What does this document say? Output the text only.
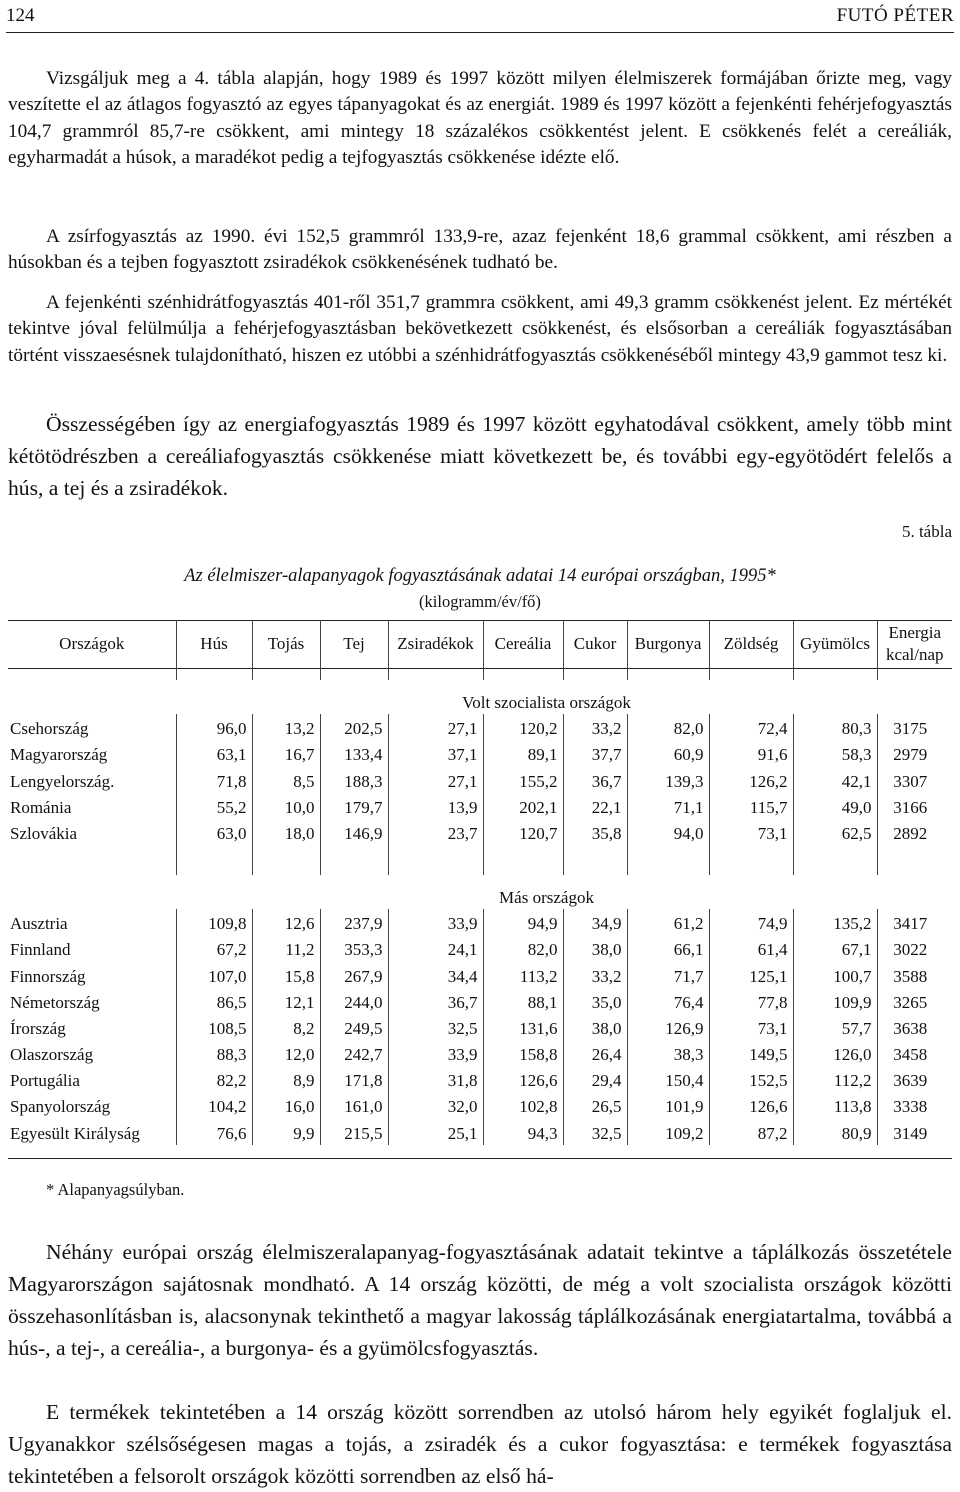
124	FUTÓ PÉTER

Vizsgáljuk meg a 4. tábla alapján, hogy 1989 és 1997 között milyen élelmiszerek formájában őrizte meg, vagy veszítette el az átlagos fogyasztó az egyes tápanyagokat és az energiát. 1989 és 1997 között a fejenkénti fehérjefogyasztás 104,7 grammról 85,7-re csökkent, ami mintegy 18 százalékos csökkentést jelent. E csökkenés felét a cereáliák, egyharmadát a húsok, a maradékot pedig a tejfogyasztás csökkenése idézte elő.

A zsírfogyasztás az 1990. évi 152,5 grammról 133,9-re, azaz fejenként 18,6 grammal csökkent, ami részben a húsokban és a tejben fogyasztott zsiradékok csökkenésének tudható be.

A fejenkénti szénhidrátfogyasztás 401-ről 351,7 grammra csökkent, ami 49,3 gramm csökkenést jelent. Ez mértékét tekintve jóval felülmúlja a fehérjefogyasztásban bekövetkezett csökkenést, és elsősorban a cereáliák fogyasztásában történt visszaesésnek tulajdonítható, hiszen ez utóbbi a szénhidrátfogyasztás csökkenéséből mintegy 43,9 gammot tesz ki.

Összességében így az energiafogyasztás 1989 és 1997 között egyhatodával csökkent, amely több mint kétötödrészben a cereáliafogyasztás csökkenése miatt következett be, és további egy-egyötödért felelős a hús, a tej és a zsiradékok.

5. tábla
Az élelmiszer-alapanyagok fogyasztásának adatai 14 európai országban, 1995*
(kilogramm/év/fő)
Országok	Hús	Tojás	Tej	Zsiradékok	Cereália	Cukor	Burgonya	Zöldség	Gyümölcs	Energia
kcal/nap

	Volt szocialista országok									
Csehország	96,0	13,2	202,5	27,1	120,2	33,2	82,0	72,4	80,3	3175
Magyarország	63,1	16,7	133,4	37,1	89,1	37,7	60,9	91,6	58,3	2979
Lengyelország.	71,8	8,5	188,3	27,1	155,2	36,7	139,3	126,2	42,1	3307
Románia	55,2	10,0	179,7	13,9	202,1	22,1	71,1	115,7	49,0	3166
Szlovákia	63,0	18,0	146,9	23,7	120,7	35,8	94,0	73,1	62,5	2892

	Más országok									
Ausztria	109,8	12,6	237,9	33,9	94,9	34,9	61,2	74,9	135,2	3417
Finnland	67,2	11,2	353,3	24,1	82,0	38,0	66,1	61,4	67,1	3022
Finnország	107,0	15,8	267,9	34,4	113,2	33,2	71,7	125,1	100,7	3588
Németország	86,5	12,1	244,0	36,7	88,1	35,0	76,4	77,8	109,9	3265
Írország	108,5	8,2	249,5	32,5	131,6	38,0	126,9	73,1	57,7	3638
Olaszország	88,3	12,0	242,7	33,9	158,8	26,4	38,3	149,5	126,0	3458
Portugália	82,2	8,9	171,8	31,8	126,6	29,4	150,4	152,5	112,2	3639
Spanyolország	104,2	16,0	161,0	32,0	102,8	26,5	101,9	126,6	113,8	3338
Egyesült Királyság	76,6	9,9	215,5	25,1	94,3	32,5	109,2	87,2	80,9	3149
* Alapanyagsúlyban.

Néhány európai ország élelmiszeralapanyag-fogyasztásának adatait tekintve a táplálkozás összetétele Magyarországon sajátosnak mondható. A 14 ország közötti, de még a volt szocialista országok közötti összehasonlításban is, alacsonynak tekinthető a magyar lakosság táplálkozásának energiatartalma, továbbá a hús-, a tej-, a cereália-, a burgonya- és a gyümölcsfogyasztás.

E termékek tekintetében a 14 ország között sorrendben az utolsó három hely egyikét foglaljuk el. Ugyanakkor szélsőségesen magas a tojás, a zsiradék és a cukor fogyasztása: e termékek fogyasztása tekintetében a felsorolt országok közötti sorrendben az első há-
